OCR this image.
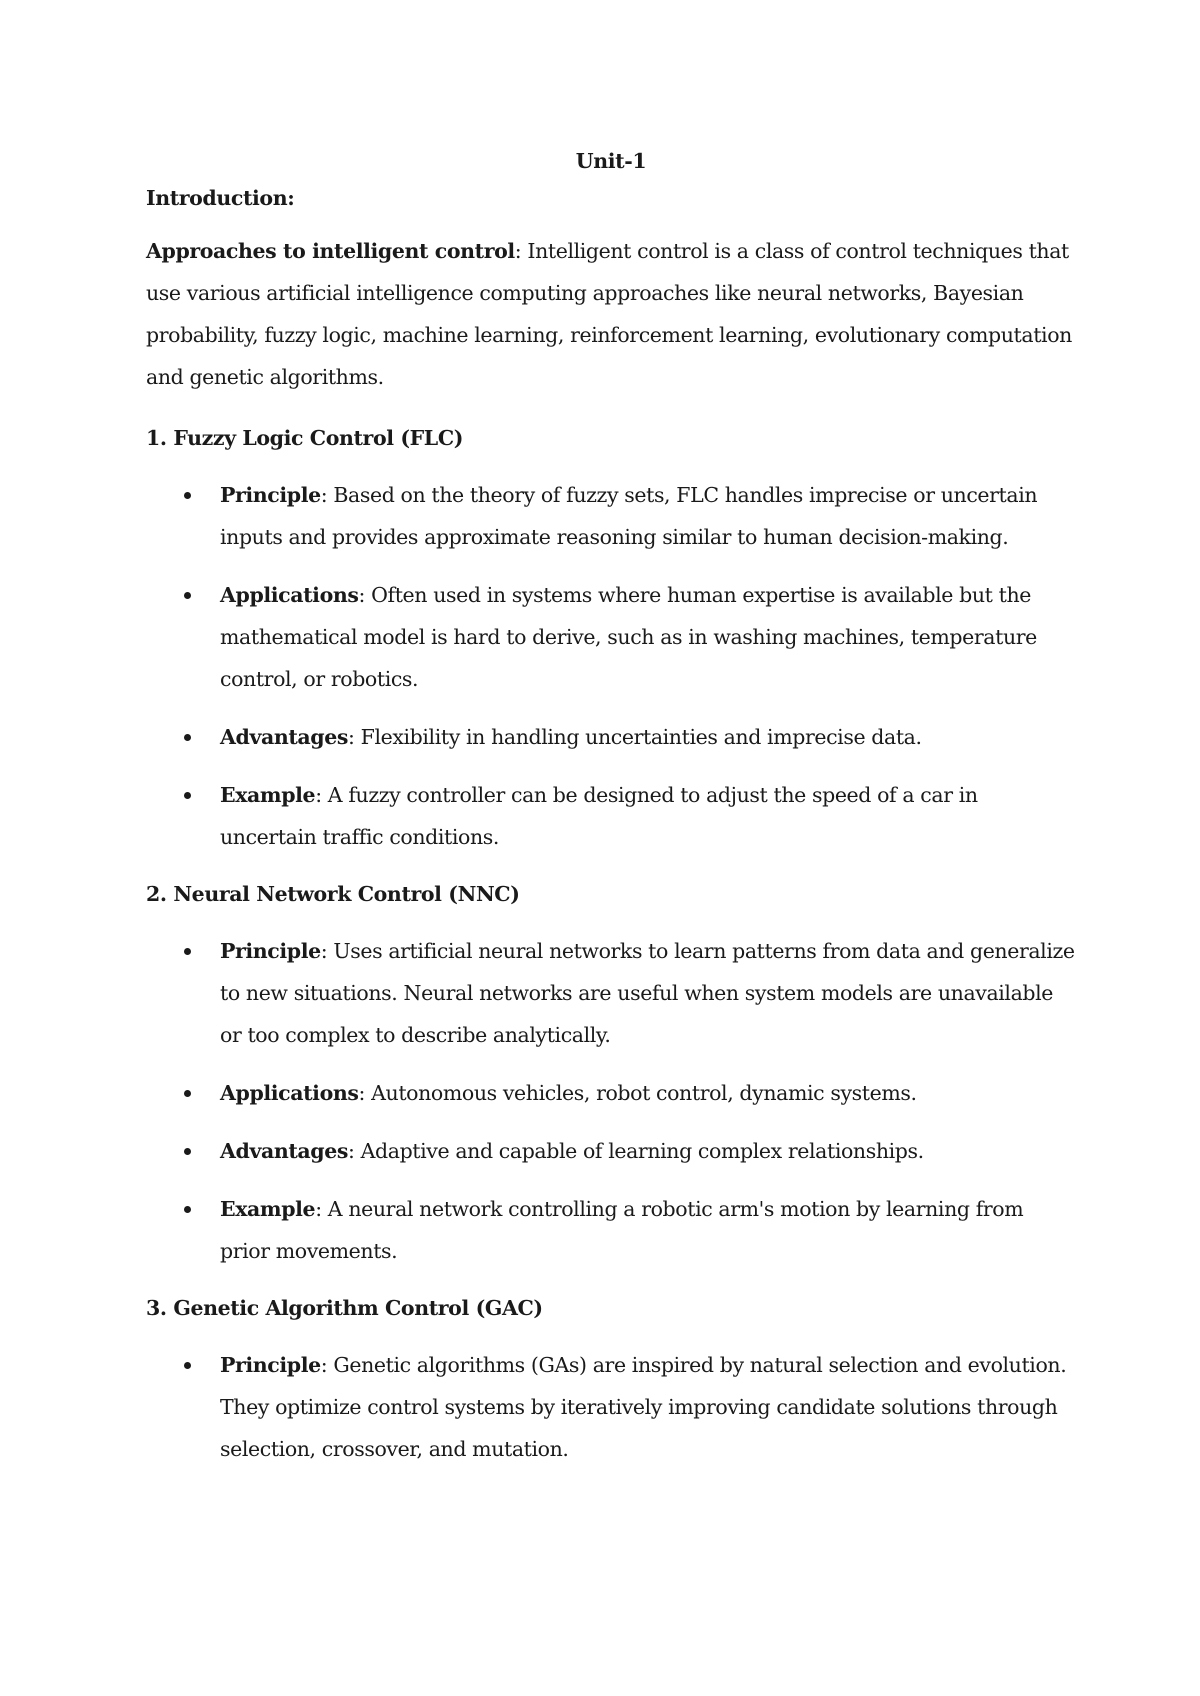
Unit-1

Introduction:

Approaches to intelligent control: Intelligent control is a class of control techniques that use various artificial intelligence computing approaches like neural networks, Bayesian probability, fuzzy logic, machine learning, reinforcement learning, evolutionary computation and genetic algorithms.

1. Fuzzy Logic Control (FLC)

Principle: Based on the theory of fuzzy sets, FLC handles imprecise or uncertain inputs and provides approximate reasoning similar to human decision-making.
Applications: Often used in systems where human expertise is available but the mathematical model is hard to derive, such as in washing machines, temperature control, or robotics.
Advantages: Flexibility in handling uncertainties and imprecise data.
Example: A fuzzy controller can be designed to adjust the speed of a car in uncertain traffic conditions.

2. Neural Network Control (NNC)

Principle: Uses artificial neural networks to learn patterns from data and generalize to new situations. Neural networks are useful when system models are unavailable or too complex to describe analytically.
Applications: Autonomous vehicles, robot control, dynamic systems.
Advantages: Adaptive and capable of learning complex relationships.
Example: A neural network controlling a robotic arm's motion by learning from prior movements.

3. Genetic Algorithm Control (GAC)

Principle: Genetic algorithms (GAs) are inspired by natural selection and evolution. They optimize control systems by iteratively improving candidate solutions through selection, crossover, and mutation.
